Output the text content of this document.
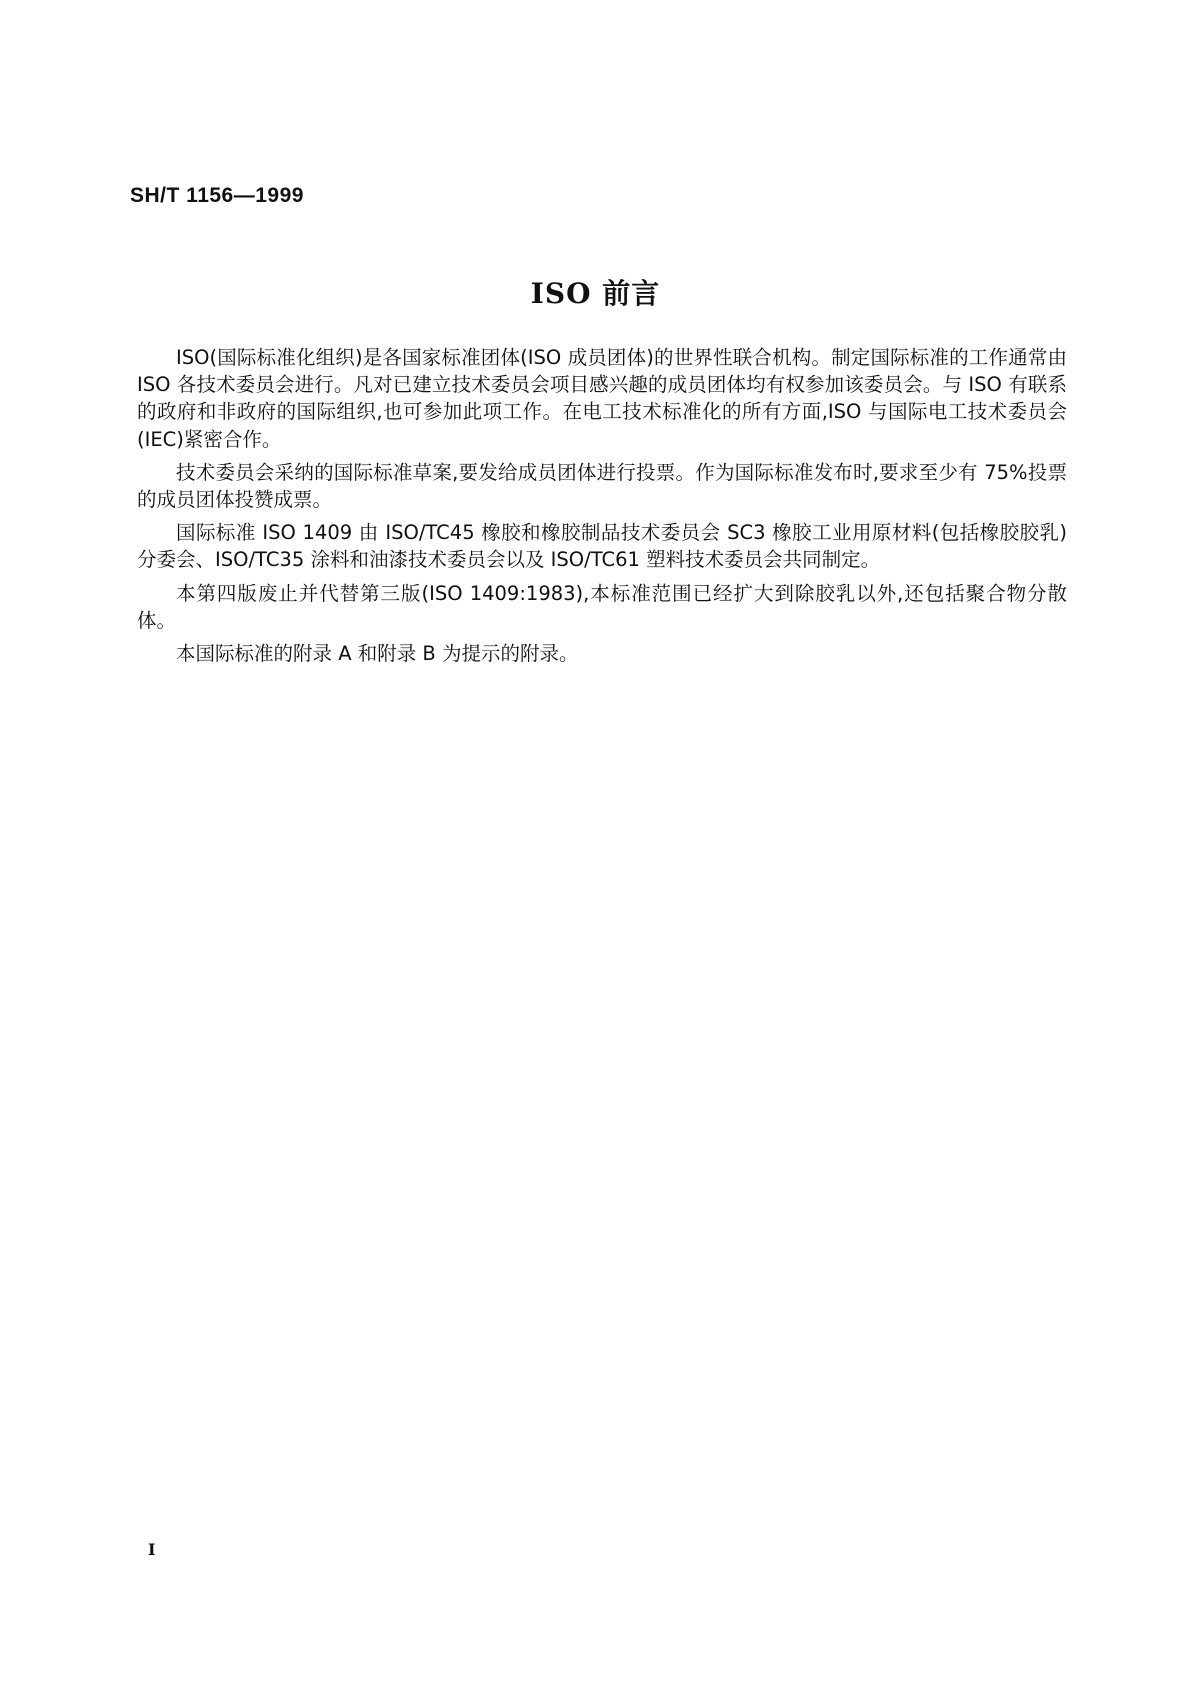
SH/T 1156—1999
ISO 前言

ISO(国际标准化组织)是各国家标准团体(ISO 成员团体)的世界性联合机构。制定国际标准的工作通常由 ISO 各技术委员会进行。凡对已建立技术委员会项目感兴趣的成员团体均有权参加该委员会。与 ISO 有联系的政府和非政府的国际组织,也可参加此项工作。在电工技术标准化的所有方面,ISO 与国际电工技术委员会(IEC)紧密合作。

技术委员会采纳的国际标准草案,要发给成员团体进行投票。作为国际标准发布时,要求至少有 75%投票的成员团体投赞成票。

国际标准 ISO 1409 由 ISO/TC45 橡胶和橡胶制品技术委员会 SC3 橡胶工业用原材料(包括橡胶胶乳)分委会、ISO/TC35 涂料和油漆技术委员会以及 ISO/TC61 塑料技术委员会共同制定。

本第四版废止并代替第三版(ISO 1409:1983),本标准范围已经扩大到除胶乳以外,还包括聚合物分散体。

本国际标准的附录 A 和附录 B 为提示的附录。

I
